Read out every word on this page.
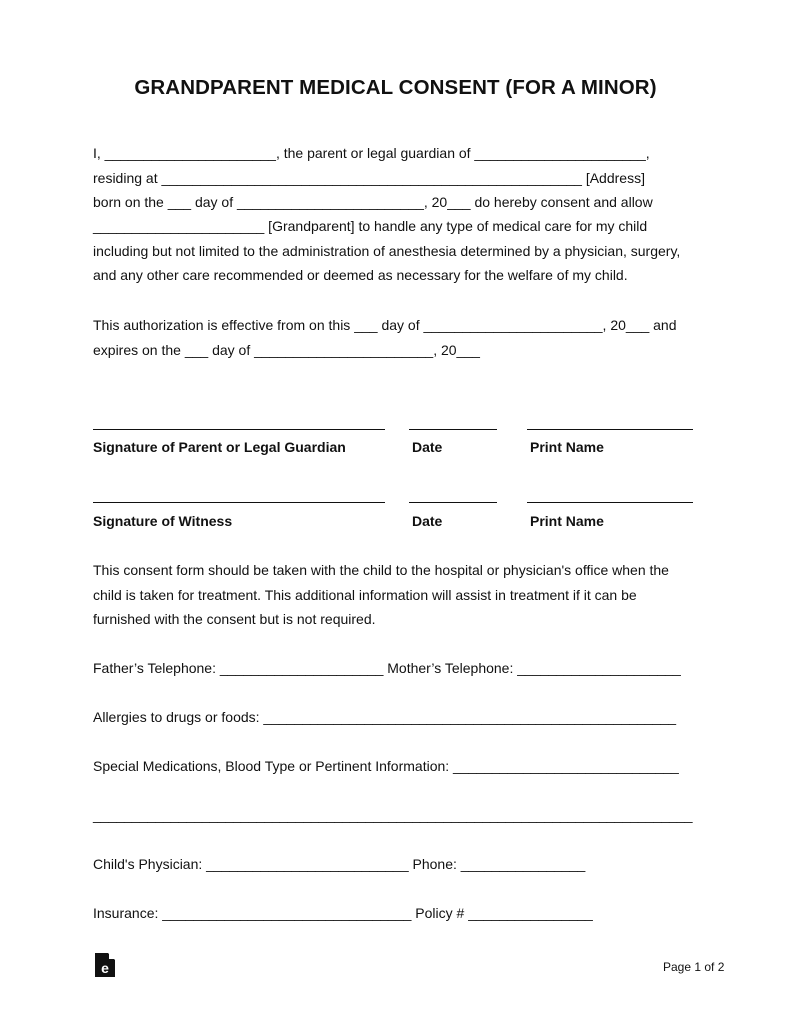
GRANDPARENT MEDICAL CONSENT (FOR A MINOR)
I, ______________________, the parent or legal guardian of ______________________,
residing at ______________________________________________________ [Address]
born on the ___ day of ________________________, 20___ do hereby consent and allow
______________________ [Grandparent] to handle any type of medical care for my child
including but not limited to the administration of anesthesia determined by a physician, surgery,
and any other care recommended or deemed as necessary for the welfare of my child.
This authorization is effective from on this ___ day of _______________________, 20___ and
expires on the ___ day of _______________________, 20___
Signature of Parent or Legal Guardian	Date	Print Name
Signature of Witness	Date	Print Name
This consent form should be taken with the child to the hospital or physician's office when the
child is taken for treatment. This additional information will assist in treatment if it can be
furnished with the consent but is not required.
Father’s Telephone: _____________________ Mother’s Telephone: _____________________
Allergies to drugs or foods: _____________________________________________________
Special Medications, Blood Type or Pertinent Information: _____________________________
_____________________________________________________________________________
Child's Physician: __________________________ Phone: ________________
Insurance: ________________________________ Policy # ________________
e	Page 1 of 2
